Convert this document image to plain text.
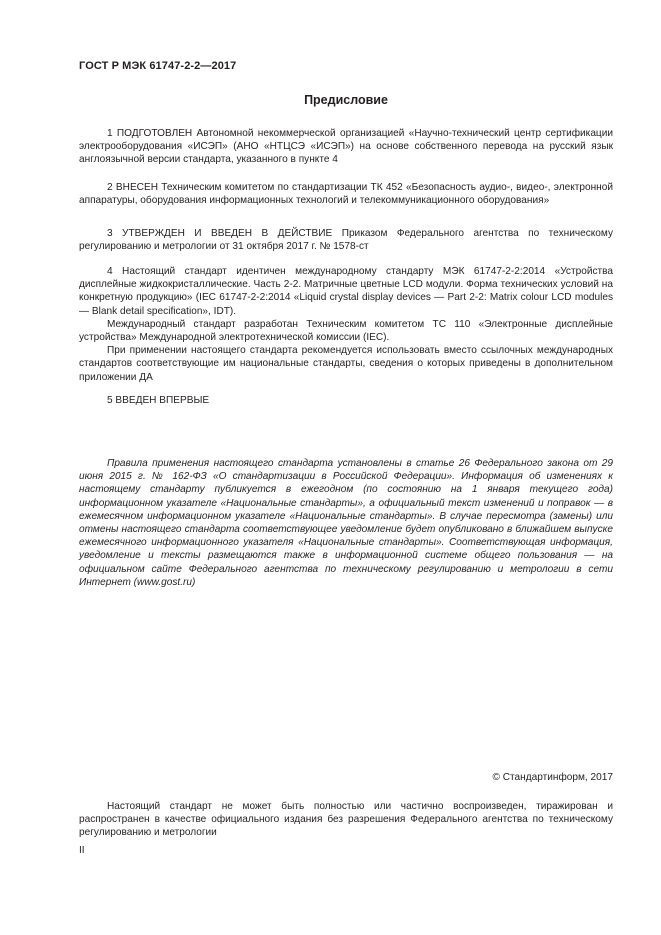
ГОСТ Р МЭК 61747-2-2—2017
Предисловие

1 ПОДГОТОВЛЕН Автономной некоммерческой организацией «Научно-технический центр сертификации электрооборудования «ИСЭП» (АНО «НТЦСЭ «ИСЭП») на основе собственного перевода на русский язык англоязычной версии стандарта, указанного в пункте 4

2 ВНЕСЕН Техническим комитетом по стандартизации ТК 452 «Безопасность аудио-, видео-, электронной аппаратуры, оборудования информационных технологий и телекоммуникационного оборудования»

3 УТВЕРЖДЕН И ВВЕДЕН В ДЕЙСТВИЕ Приказом Федерального агентства по техническому регулированию и метрологии от 31 октября 2017 г. № 1578-ст

4 Настоящий стандарт идентичен международному стандарту МЭК 61747-2-2:2014 «Устройства дисплейные жидкокристаллические. Часть 2-2. Матричные цветные LCD модули. Форма технических условий на конкретную продукцию» (IEC 61747-2-2:2014 «Liquid crystal display devices — Part 2-2: Matrix colour LCD modules — Blank detail specification», IDT).

Международный стандарт разработан Техническим комитетом ТС 110 «Электронные дисплейные устройства» Международной электротехнической комиссии (IEC).

При применении настоящего стандарта рекомендуется использовать вместо ссылочных международных стандартов соответствующие им национальные стандарты, сведения о которых приведены в дополнительном приложении ДА

5 ВВЕДЕН ВПЕРВЫЕ

Правила применения настоящего стандарта установлены в статье 26 Федерального закона от 29 июня 2015 г. № 162-ФЗ «О стандартизации в Российской Федерации». Информация об изменениях к настоящему стандарту публикуется в ежегодном (по состоянию на 1 января текущего года) информационном указателе «Национальные стандарты», а официальный текст изменений и поправок — в ежемесячном информационном указателе «Национальные стандарты». В случае пересмотра (замены) или отмены настоящего стандарта соответствующее уведомление будет опубликовано в ближайшем выпуске ежемесячного информационного указателя «Национальные стандарты». Соответствующая информация, уведомление и тексты размещаются также в информационной системе общего пользования — на официальном сайте Федерального агентства по техническому регулированию и метрологии в сети Интернет (www.gost.ru)

© Стандартинформ, 2017

Настоящий стандарт не может быть полностью или частично воспроизведен, тиражирован и распространен в качестве официального издания без разрешения Федерального агентства по техническому регулированию и метрологии

II
